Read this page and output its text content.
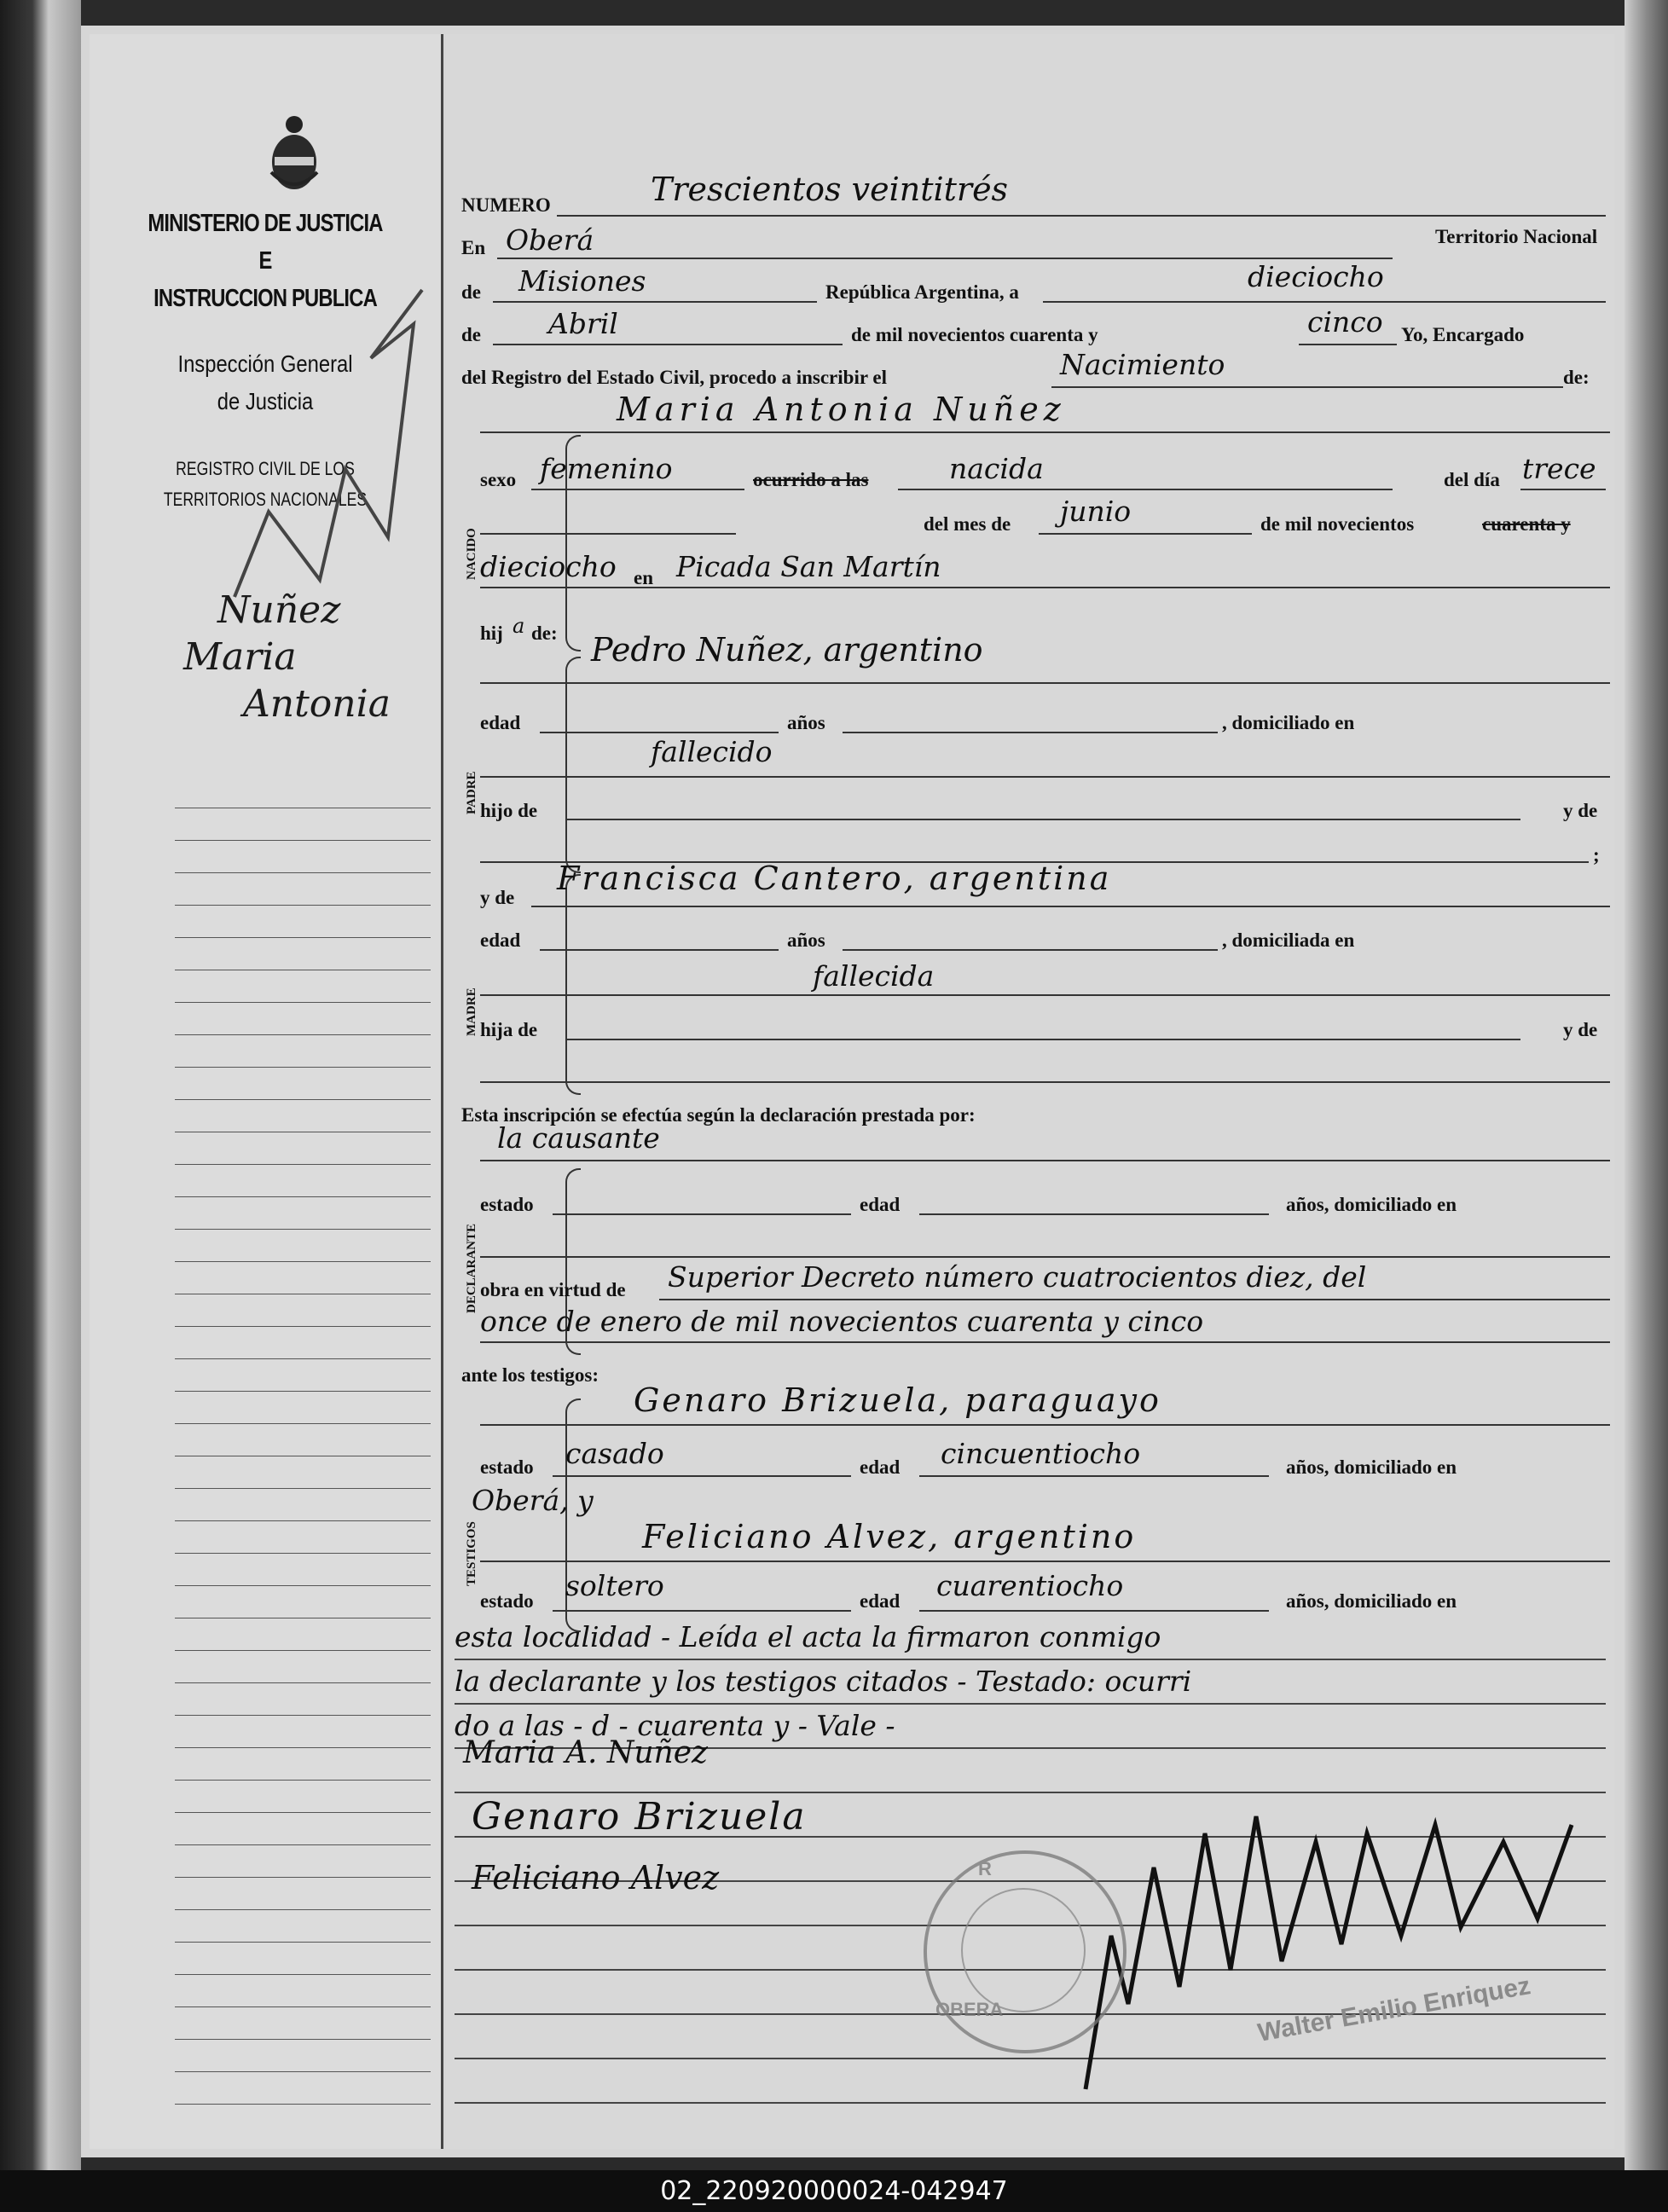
MINISTERIO DE JUSTICIA
E
INSTRUCCION PUBLICA
Inspección General
de Justicia
REGISTRO CIVIL DE LOS
TERRITORIOS NACIONALES
Nuñez
Maria
Antonia
NUMERO	Trescientos veintitrés
En Oberá	Territorio Nacional
de Misiones	República Argentina, a	dieciocho
de Abril	de mil novecientos cuarenta y	cinco Yo, Encargado
del Registro del Estado Civil, procedo a inscribir el	Nacimiento	de:
NACIDO
Maria Antonia Nuñez
sexo femenino	ocurrido a las	nacida	del día trece
del mes de junio	de mil novecientos	cuarenta y
dieciocho en Picada San Martín
hij a de:
PADRE
Pedro Nuñez, argentino
edad	años	, domiciliado en
fallecido
hijo de	y de
;
MADRE
y de
Francisca Cantero, argentina
edad	años	, domiciliada en
fallecida
hija de	y de
Esta inscripción se efectúa según la declaración prestada por:
la causante
DECLARANTE
estado	edad	años, domiciliado en
obra en virtud de Superior Decreto número cuatrocientos diez, del
once de enero de mil novecientos cuarenta y cinco
ante los testigos:
TESTIGOS
Genaro Brizuela, paraguayo
estado casado	edad cincuentiocho	años, domiciliado en
Oberá, y
Feliciano Alvez, argentino
estado soltero	edad cuarentiocho	años, domiciliado en
esta localidad - Leída el acta la firmaron conmigo
la declarante y los testigos citados - Testado: ocurri
do a las - d - cuarenta y - Vale -
Maria A. Nuñez
Genaro Brizuela
Feliciano Alvez
OBERA
R
Walter Emilio Enriquez
02_220920000024-042947
